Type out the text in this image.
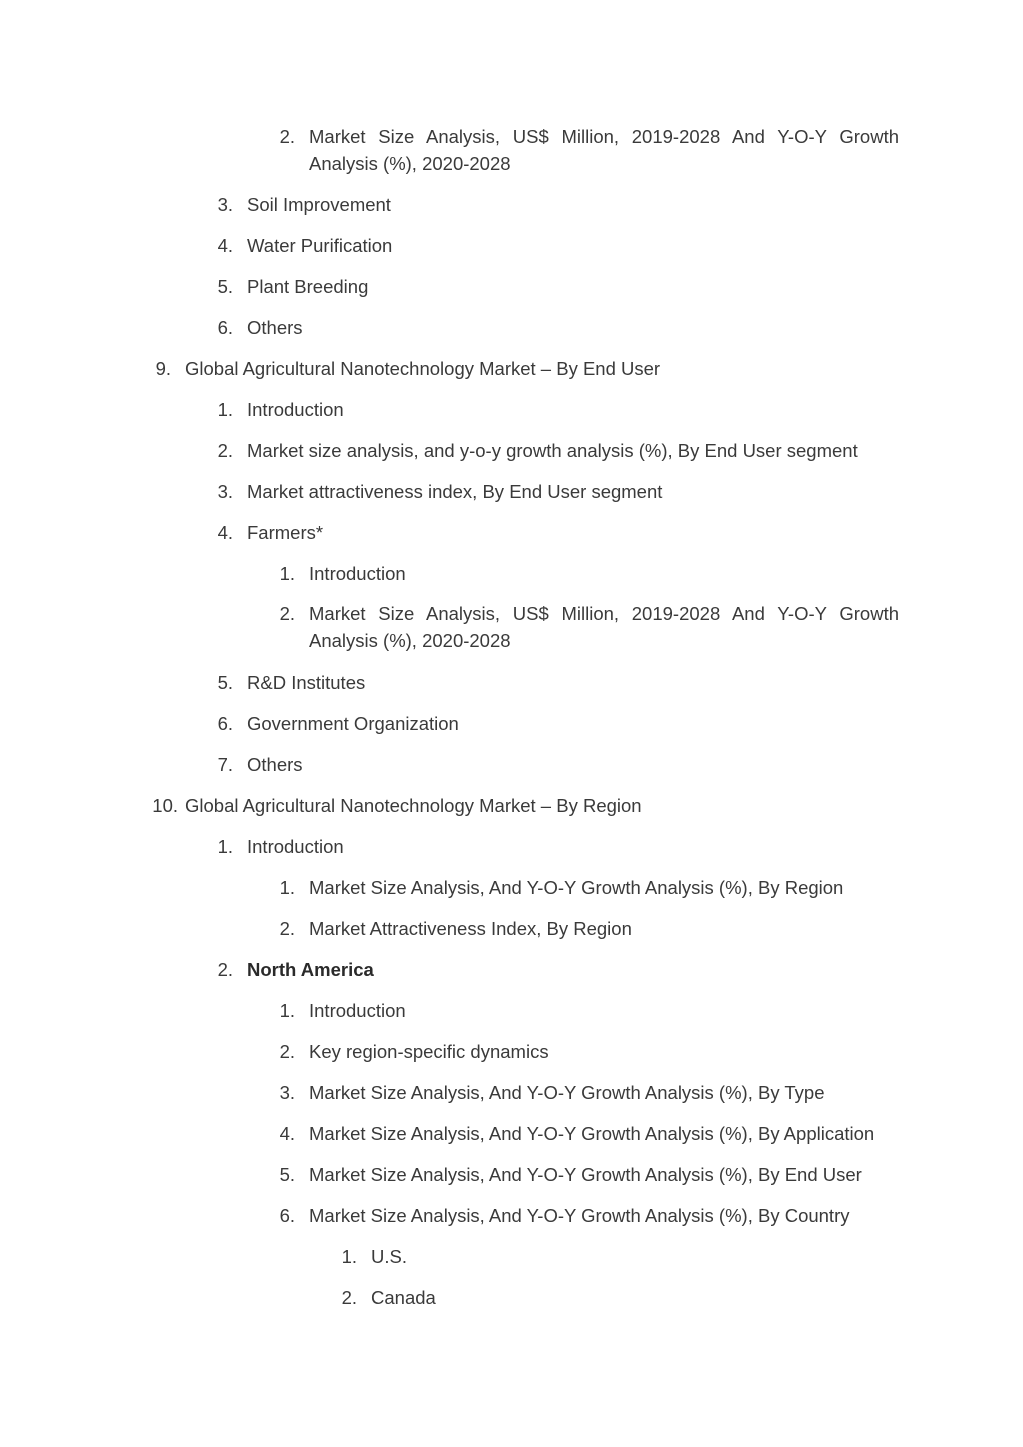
2. Market Size Analysis, US$ Million, 2019-2028 And Y-O-Y Growth Analysis (%), 2020-2028
3. Soil Improvement
4. Water Purification
5. Plant Breeding
6. Others
9. Global Agricultural Nanotechnology Market – By End User
1. Introduction
2. Market size analysis, and y-o-y growth analysis (%), By End User segment
3. Market attractiveness index, By End User segment
4. Farmers*
1. Introduction
2. Market Size Analysis, US$ Million, 2019-2028 And Y-O-Y Growth Analysis (%), 2020-2028
5. R&D Institutes
6. Government Organization
7. Others
10. Global Agricultural Nanotechnology Market – By Region
1. Introduction
1. Market Size Analysis, And Y-O-Y Growth Analysis (%), By Region
2. Market Attractiveness Index, By Region
2. North America
1. Introduction
2. Key region-specific dynamics
3. Market Size Analysis, And Y-O-Y Growth Analysis (%), By Type
4. Market Size Analysis, And Y-O-Y Growth Analysis (%), By Application
5. Market Size Analysis, And Y-O-Y Growth Analysis (%), By End User
6. Market Size Analysis, And Y-O-Y Growth Analysis (%), By Country
1. U.S.
2. Canada
